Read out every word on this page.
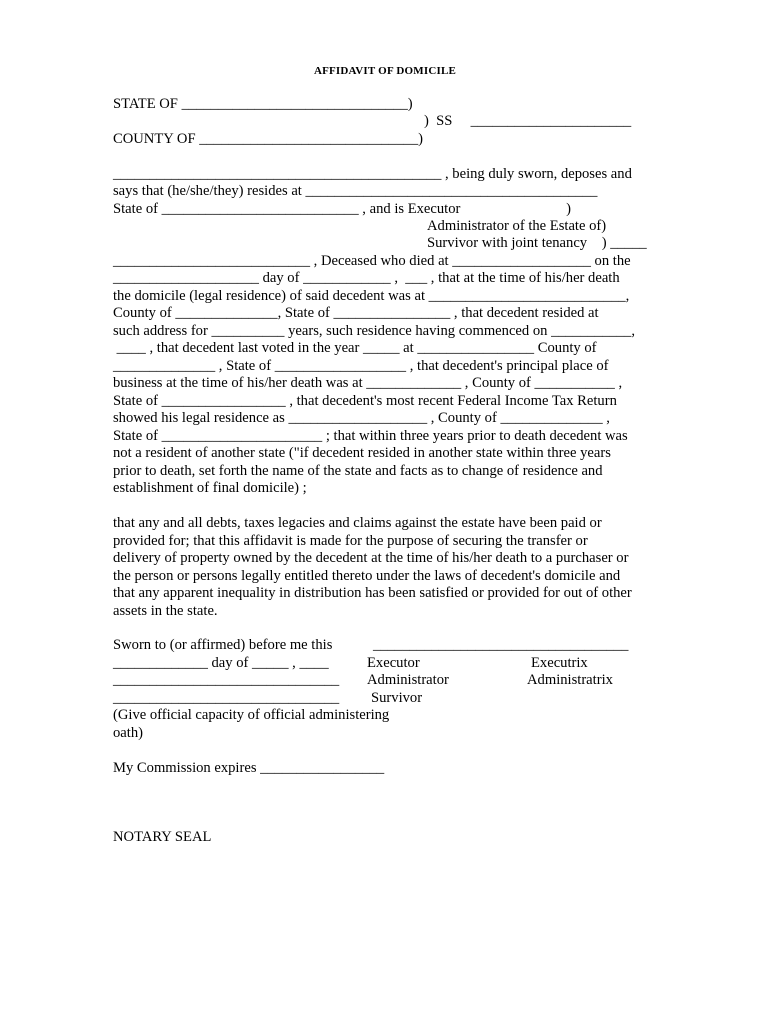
AFFIDAVIT OF DOMICILE
STATE OF _______________________________)
)  SS     ______________________
COUNTY OF ______________________________)
_____________________________________________ , being duly sworn, deposes and
says that (he/she/they) resides at ________________________________________
State of ___________________________ , and is Executor                             )
Administrator of the Estate of)
Survivor with joint tenancy    ) _____
___________________________ , Deceased who died at ___________________ on the
____________________ day of ____________ ,  ___ , that at the time of his/her death
the domicile (legal residence) of said decedent was at ___________________________,
County of ______________, State of ________________ , that decedent resided at
such address for __________ years, such residence having commenced on ___________,
____ , that decedent last voted in the year _____ at ________________ County of
______________ , State of __________________ , that decedent's principal place of
business at the time of his/her death was at _____________ , County of ___________ ,
State of _________________ , that decedent's most recent Federal Income Tax Return
showed his legal residence as ___________________ , County of ______________ ,
State of ______________________ ; that within three years prior to death decedent was
not a resident of another state ("if decedent resided in another state within three years
prior to death, set forth the name of the state and facts as to change of residence and
establishment of final domicile) ;
that any and all debts, taxes legacies and claims against the estate have been paid or
provided for; that this affidavit is made for the purpose of securing the transfer or
delivery of property owned by the decedent at the time of his/her death to a purchaser or
the person or persons legally entitled thereto under the laws of decedent's domicile and
that any apparent inequality in distribution has been satisfied or provided for out of other
assets in the state.
Sworn to (or affirmed) before me this	___________________________________
_____________ day of _____ , ____	Executor	Executrix
_______________________________ Administrator	Administratrix
_______________________________ Survivor
(Give official capacity of official administering
oath)
My Commission expires _________________
NOTARY SEAL
